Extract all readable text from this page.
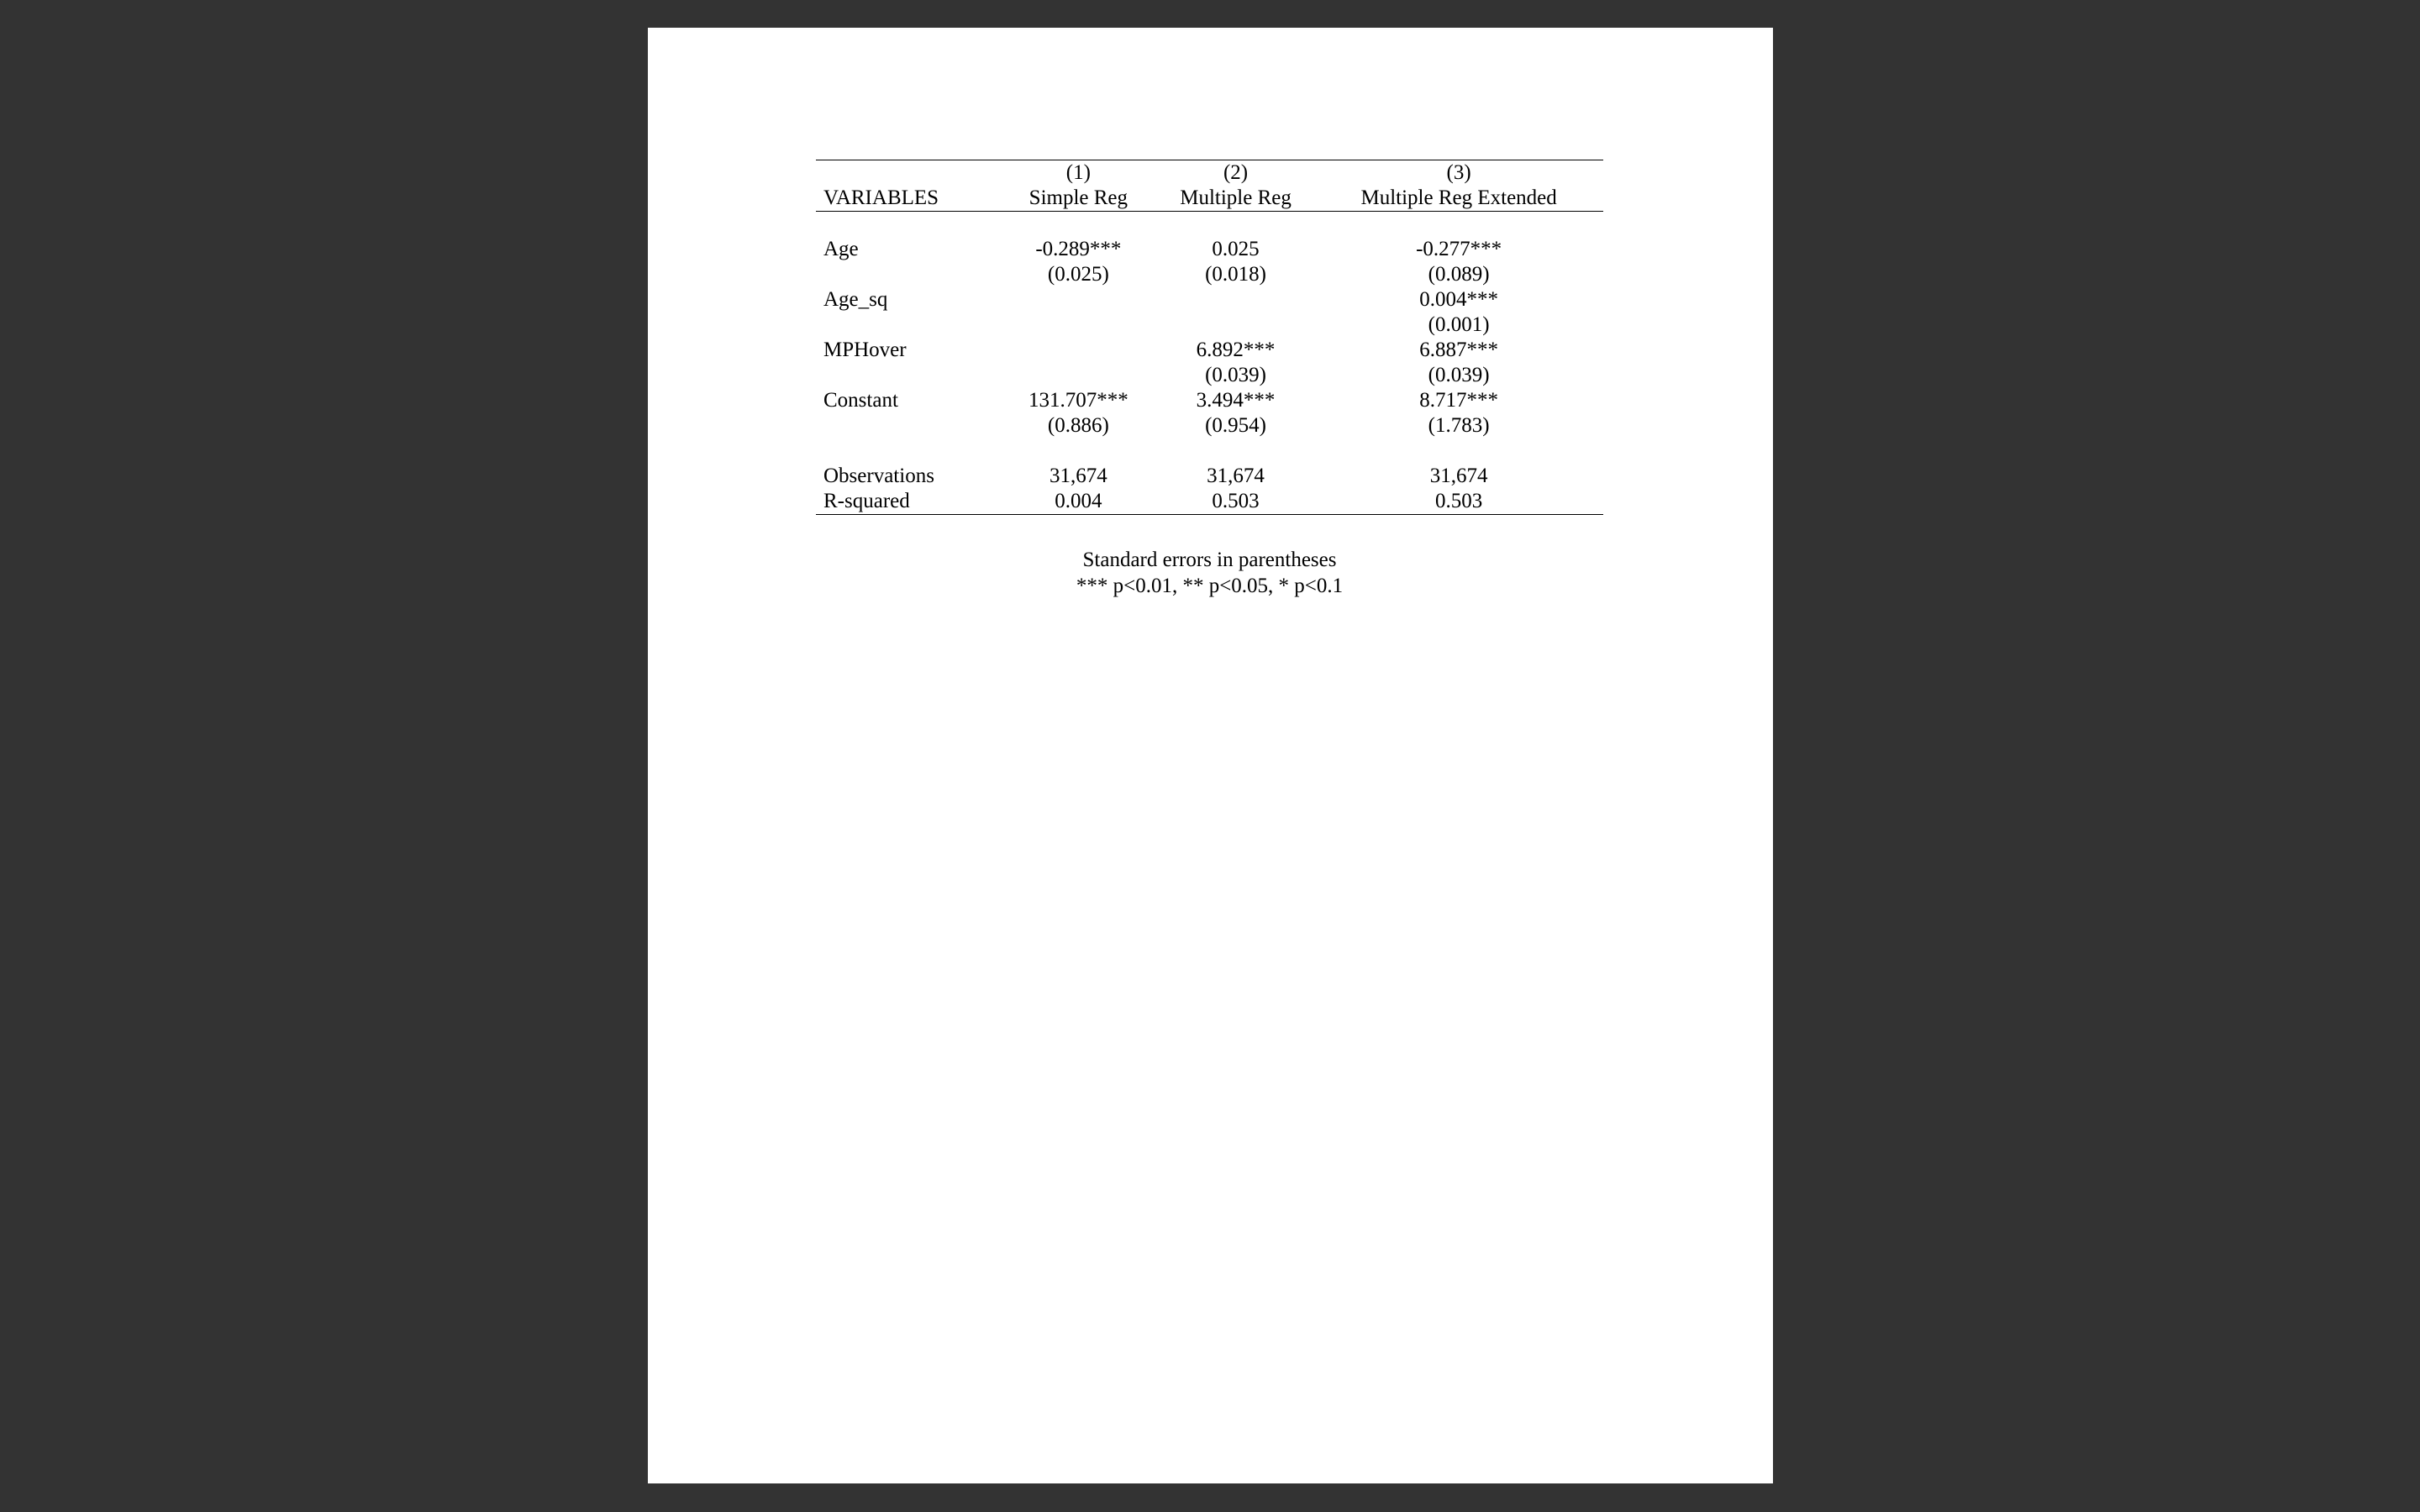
	(1)	(2)	(3)
VARIABLES	Simple Reg	Multiple Reg	Multiple Reg Extended

Age	-0.289***	0.025	-0.277***
	(0.025)	(0.018)	(0.089)
Age_sq			0.004***
			(0.001)
MPHover		6.892***	6.887***
		(0.039)	(0.039)
Constant	131.707***	3.494***	8.717***
	(0.886)	(0.954)	(1.783)

Observations	31,674	31,674	31,674
R-squared	0.004	0.503	0.503
Standard errors in parentheses
*** p<0.01, ** p<0.05, * p<0.1
